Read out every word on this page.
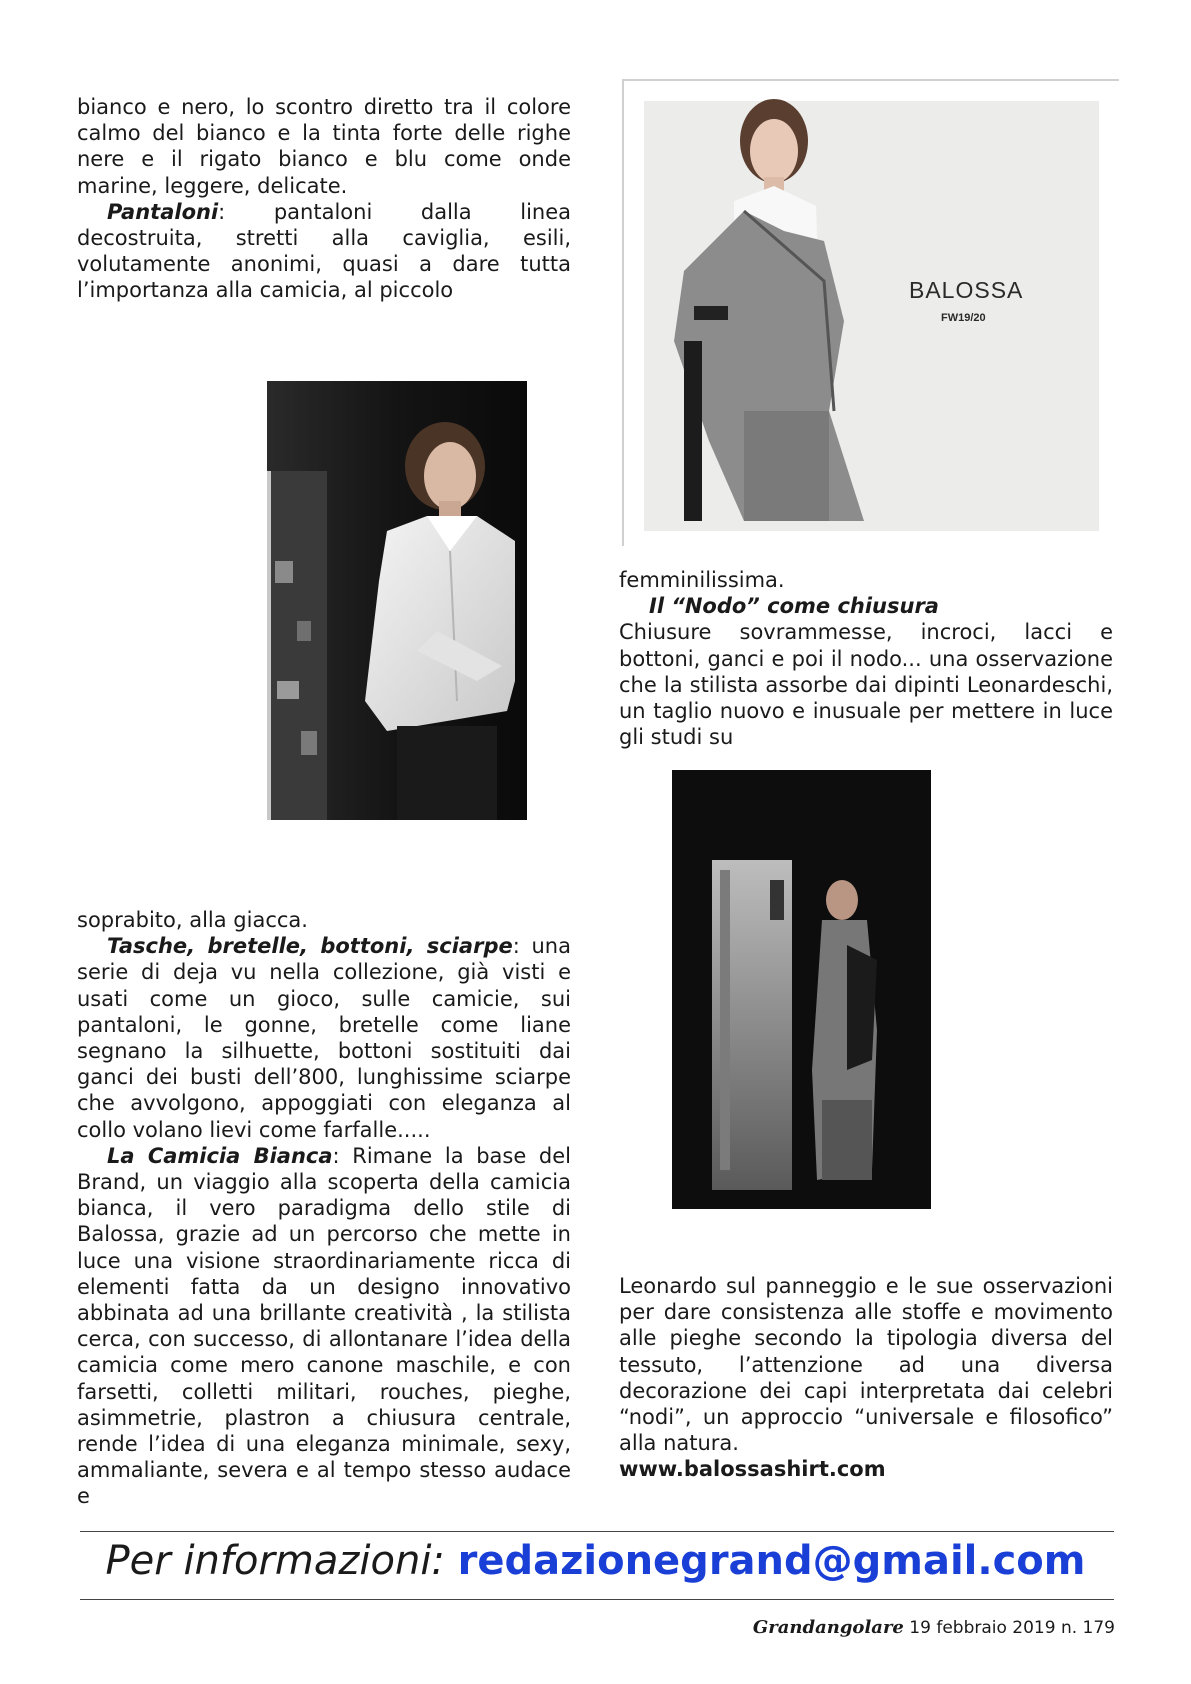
bianco e nero, lo scontro diretto tra il colore calmo del bianco e la tinta forte delle righe nere e il rigato bianco e blu come onde marine, leggere, delicate.

Pantaloni: pantaloni dalla linea decostruita, stretti alla caviglia, esili, volutamente anonimi, quasi a dare tutta l’importanza alla camicia, al piccolo	BALOSSA
FW19/20

femminilissima.

Il “Nodo” come chiusura

Chiusure sovrammesse, incroci, lacci e bottoni, ganci e poi il nodo... una osservazione che la stilista assorbe dai dipinti Leonardeschi, un taglio nuovo e inusuale per mettere in luce gli studi su

Leonardo sul panneggio e le sue osservazioni per dare consistenza alle stoffe e movimento alle pieghe secondo la tipologia diversa del tessuto, l’attenzione ad una diversa decorazione dei capi interpretata dai celebri “nodi”, un approccio “universale e filosofico” alla natura.

www.balossashirt.com

soprabito, alla giacca.

Tasche, bretelle, bottoni, sciarpe: una serie di deja vu nella collezione, già visti e usati come un gioco, sulle camicie, sui pantaloni, le gonne, bretelle come liane segnano la silhuette, bottoni sostituiti dai ganci dei busti dell’800, lunghissime sciarpe che avvolgono, appoggiati con eleganza al collo volano lievi come farfalle.....

La Camicia Bianca: Rimane la base del Brand, un viaggio alla scoperta della camicia bianca, il vero paradigma dello stile di Balossa, grazie ad un percorso che mette in luce una visione straordinariamente ricca di elementi fatta da un designo innovativo abbinata ad una brillante creatività , la stilista cerca, con successo, di allontanare l’idea della camicia come mero canone maschile, e con farsetti, colletti militari, rouches, pieghe, asimmetrie, plastron a chiusura centrale, rende l’idea di una eleganza minimale, sexy, ammaliante, severa e al tempo stesso audace e

Per informazioni: redazionegrand@gmail.com
Grandangolare 19 febbraio 2019 n. 179
